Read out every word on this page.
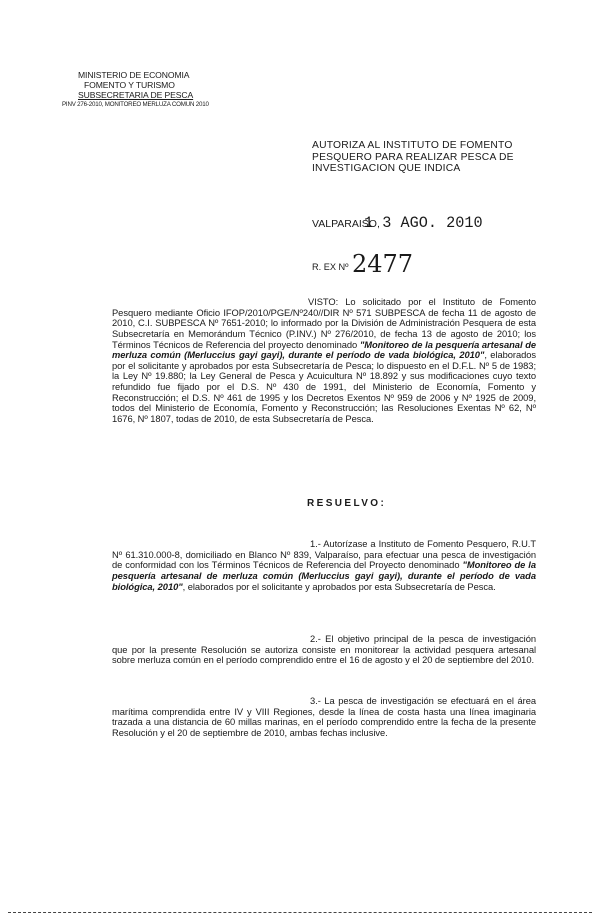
MINISTERIO DE ECONOMIA
FOMENTO Y TURISMO
SUBSECRETARIA DE PESCA
PINV 276-2010, MONITOREO MERLUZA COMUN 2010
AUTORIZA AL INSTITUTO DE FOMENTO PESQUERO PARA REALIZAR PESCA DE INVESTIGACION QUE INDICA
VALPARAISO,
1 3 AGO. 2010
R. EX Nº 2477

VISTO: Lo solicitado por el Instituto de Fomento Pesquero mediante Oficio IFOP/2010/PGE/Nº240//DIR Nº 571 SUBPESCA de fecha 11 de agosto de 2010, C.I. SUBPESCA Nº 7651-2010; lo informado por la División de Administración Pesquera de esta Subsecretaría en Memorándum Técnico (P.INV.) Nº 276/2010, de fecha 13 de agosto de 2010; los Términos Técnicos de Referencia del proyecto denominado "Monitoreo de la pesquería artesanal de merluza común (Merluccius gayi gayi), durante el período de vada biológica, 2010", elaborados por el solicitante y aprobados por esta Subsecretaría de Pesca; lo dispuesto en el D.F.L. Nº 5 de 1983; la Ley Nº 19.880; la Ley General de Pesca y Acuicultura Nº 18.892 y sus modificaciones cuyo texto refundido fue fijado por el D.S. Nº 430 de 1991, del Ministerio de Economía, Fomento y Reconstrucción; el D.S. Nº 461 de 1995 y los Decretos Exentos Nº 959 de 2006 y Nº 1925 de 2009, todos del Ministerio de Economía, Fomento y Reconstrucción; las Resoluciones Exentas Nº 62, Nº 1676, Nº 1807, todas de 2010, de esta Subsecretaría de Pesca.

RESUELVO:

1.- Autorízase a Instituto de Fomento Pesquero, R.U.T Nº 61.310.000-8, domiciliado en Blanco Nº 839, Valparaíso, para efectuar una pesca de investigación de conformidad con los Términos Técnicos de Referencia del Proyecto denominado "Monitoreo de la pesquería artesanal de merluza común (Merluccius gayi gayi), durante el período de vada biológica, 2010", elaborados por el solicitante y aprobados por esta Subsecretaría de Pesca.

2.- El objetivo principal de la pesca de investigación que por la presente Resolución se autoriza consiste en monitorear la actividad pesquera artesanal sobre merluza común en el período comprendido entre el 16 de agosto y el 20 de septiembre del 2010.

3.- La pesca de investigación se efectuará en el área marítima comprendida entre IV y VIII Regiones, desde la línea de costa hasta una línea imaginaria trazada a una distancia de 60 millas marinas, en el período comprendido entre la fecha de la presente Resolución y el 20 de septiembre de 2010, ambas fechas inclusive.
